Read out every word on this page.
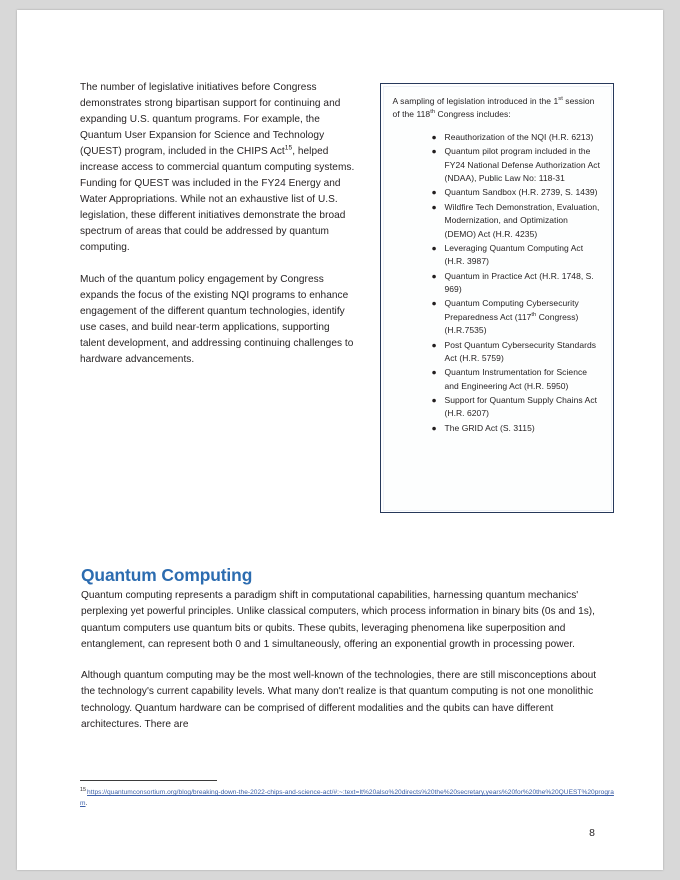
The number of legislative initiatives before Congress demonstrates strong bipartisan support for continuing and expanding U.S. quantum programs. For example, the Quantum User Expansion for Science and Technology (QUEST) program, included in the CHIPS Act$^{15}$, helped increase access to commercial quantum computing systems. Funding for QUEST was included in the FY24 Energy and Water Appropriations. While not an exhaustive list of U.S. legislation, these different initiatives demonstrate the broad spectrum of areas that could be addressed by quantum computing.

Much of the quantum policy engagement by Congress expands the focus of the existing NQI programs to enhance engagement of the different quantum technologies, identify use cases, and build near-term applications, supporting talent development, and addressing continuing challenges to hardware advancements.

A sampling of legislation introduced in the 1st session of the 118th Congress includes:

● Reauthorization of the NQI (H.R. 6213)
● Quantum pilot program included in the FY24 National Defense Authorization Act (NDAA), Public Law No: 118-31
● Quantum Sandbox (H.R. 2739, S. 1439)
● Wildfire Tech Demonstration, Evaluation, Modernization, and Optimization (DEMO) Act (H.R. 4235)
● Leveraging Quantum Computing Act (H.R. 3987)
● Quantum in Practice Act (H.R. 1748, S. 969)
● Quantum Computing Cybersecurity Preparedness Act (117th Congress) (H.R.7535)
● Post Quantum Cybersecurity Standards Act (H.R. 5759)
● Quantum Instrumentation for Science and Engineering Act (H.R. 5950)
● Support for Quantum Supply Chains Act (H.R. 6207)
● The GRID Act (S. 3115)
Quantum Computing

Quantum computing represents a paradigm shift in computational capabilities, harnessing quantum mechanics' perplexing yet powerful principles. Unlike classical computers, which process information in binary bits (0s and 1s), quantum computers use quantum bits or qubits. These qubits, leveraging phenomena like superposition and entanglement, can represent both 0 and 1 simultaneously, offering an exponential growth in processing power.

Although quantum computing may be the most well-known of the technologies, there are still misconceptions about the technology's current capability levels. What many don't realize is that quantum computing is not one monolithic technology. Quantum hardware can be comprised of different modalities and the qubits can have different architectures. There are

$^{15}$https://quantumconsortium.org/blog/breaking-down-the-2022-chips-and-science-act/#:~:text=It%20also%20directs%20the%20secretary,years%20for%20the%20QUEST%20program.
8
